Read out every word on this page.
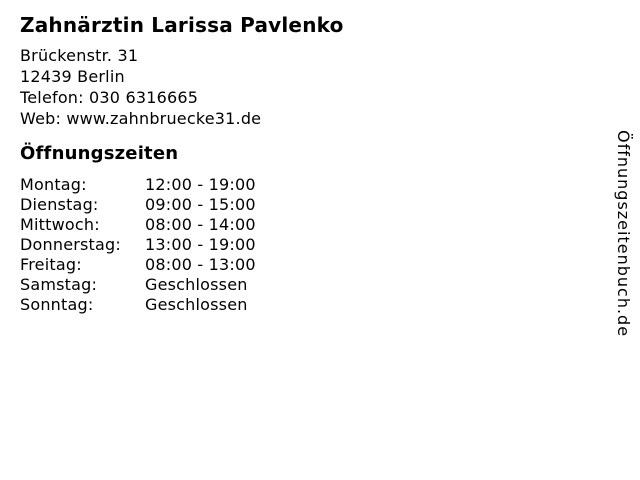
Zahnärztin Larissa Pavlenko
Brückenstr. 31
12439 Berlin
Telefon: 030 6316665
Web: www.zahnbruecke31.de
Öffnungszeiten
Montag:	12:00 - 19:00
Dienstag:	09:00 - 15:00
Mittwoch:	08:00 - 14:00
Donnerstag:	13:00 - 19:00
Freitag:	08:00 - 13:00
Samstag:	Geschlossen
Sonntag:	Geschlossen	Öffnungszeitenbuch.de
